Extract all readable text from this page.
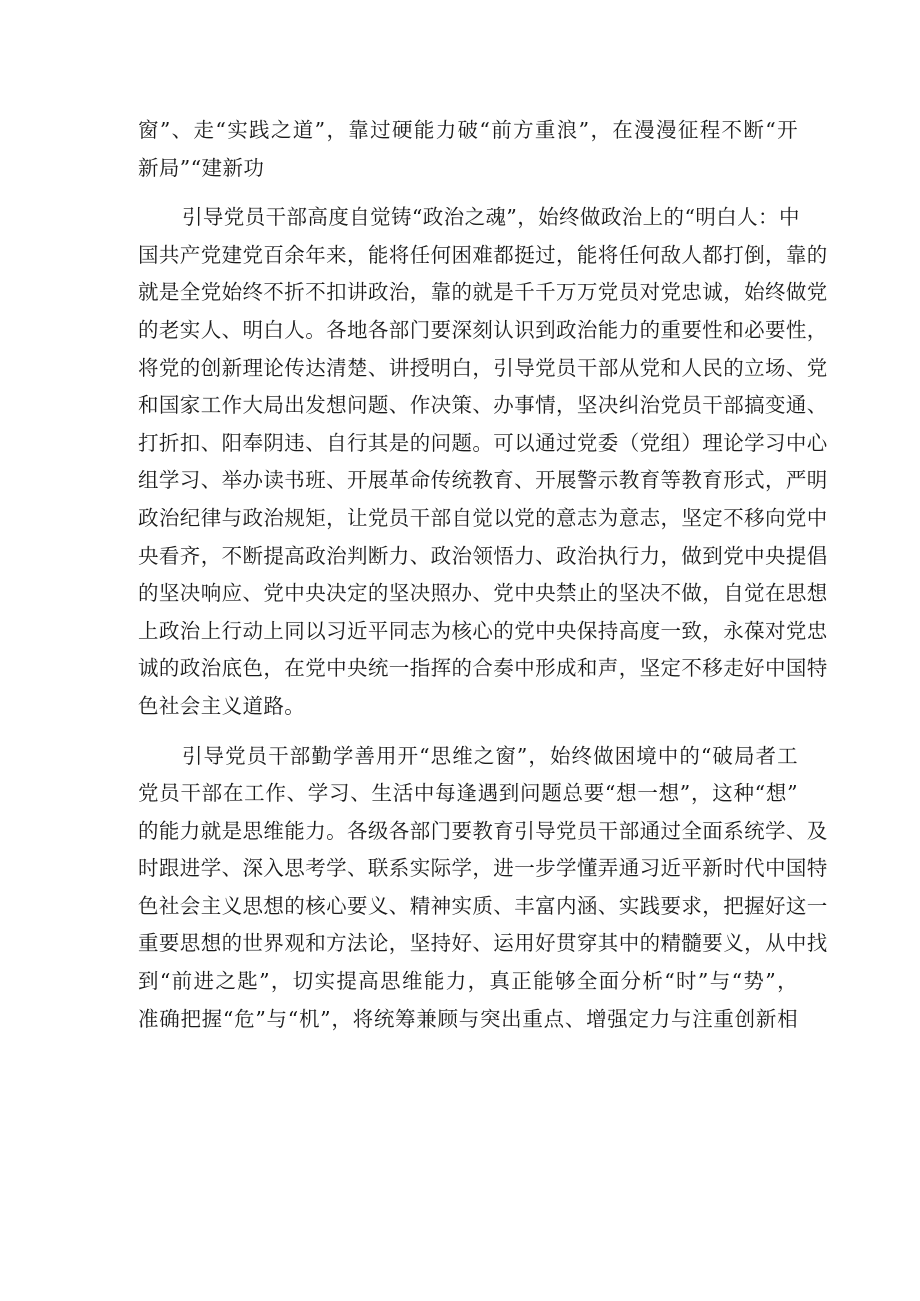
窗”、走“实践之道”，靠过硬能力破“前方重浪”，在漫漫征程不断“开
新局”“建新功
引导党员干部高度自觉铸“政治之魂”，始终做政治上的“明白人：中
国共产党建党百余年来，能将任何困难都挺过，能将任何敌人都打倒，靠的
就是全党始终不折不扣讲政治，靠的就是千千万万党员对党忠诚，始终做党
的老实人、明白人。各地各部门要深刻认识到政治能力的重要性和必要性，
将党的创新理论传达清楚、讲授明白，引导党员干部从党和人民的立场、党
和国家工作大局出发想问题、作决策、办事情，坚决纠治党员干部搞变通、
打折扣、阳奉阴违、自行其是的问题。可以通过党委（党组）理论学习中心
组学习、举办读书班、开展革命传统教育、开展警示教育等教育形式，严明
政治纪律与政治规矩，让党员干部自觉以党的意志为意志，坚定不移向党中
央看齐，不断提高政治判断力、政治领悟力、政治执行力，做到党中央提倡
的坚决响应、党中央决定的坚决照办、党中央禁止的坚决不做，自觉在思想
上政治上行动上同以习近平同志为核心的党中央保持高度一致，永葆对党忠
诚的政治底色，在党中央统一指挥的合奏中形成和声，坚定不移走好中国特
色社会主义道路。
引导党员干部勤学善用开“思维之窗”，始终做困境中的“破局者工
党员干部在工作、学习、生活中每逢遇到问题总要“想一想”，这种“想”
的能力就是思维能力。各级各部门要教育引导党员干部通过全面系统学、及
时跟进学、深入思考学、联系实际学，进一步学懂弄通习近平新时代中国特
色社会主义思想的核心要义、精神实质、丰富内涵、实践要求，把握好这一
重要思想的世界观和方法论，坚持好、运用好贯穿其中的精髓要义，从中找
到“前进之匙”，切实提高思维能力，真正能够全面分析“时”与“势”，
准确把握“危”与“机”，将统筹兼顾与突出重点、增强定力与注重创新相
